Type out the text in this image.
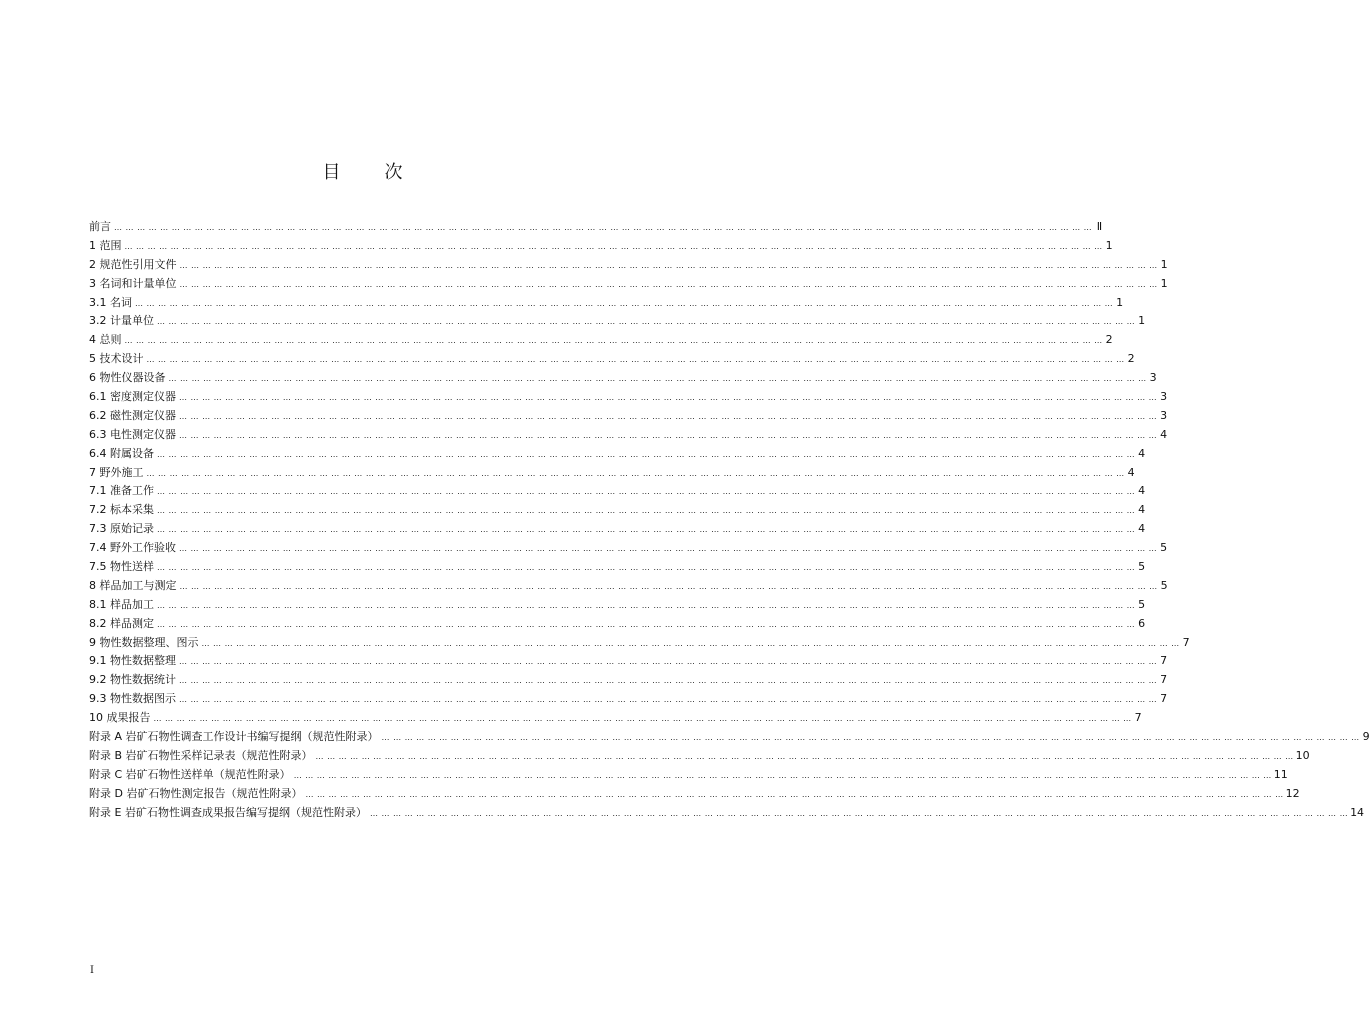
目 次
前言 … … … … … … … … … … … … … … … … … … … … … … … … … … … … … … … … … … … … … … … … … … … … … … … … … … … … … … … … … … … … … … … … … … … … … … … … … … … … … … … … … … … … … Ⅱ
1 范围 … … … … … … … … … … … … … … … … … … … … … … … … … … … … … … … … … … … … … … … … … … … … … … … … … … … … … … … … … … … … … … … … … … … … … … … … … … … … … … … … … … … … … 1
2 规范性引用文件 … … … … … … … … … … … … … … … … … … … … … … … … … … … … … … … … … … … … … … … … … … … … … … … … … … … … … … … … … … … … … … … … … … … … … … … … … … … … … … … … … … … … … 1
3 名词和计量单位 … … … … … … … … … … … … … … … … … … … … … … … … … … … … … … … … … … … … … … … … … … … … … … … … … … … … … … … … … … … … … … … … … … … … … … … … … … … … … … … … … … … … … 1
3.1 名词 … … … … … … … … … … … … … … … … … … … … … … … … … … … … … … … … … … … … … … … … … … … … … … … … … … … … … … … … … … … … … … … … … … … … … … … … … … … … … … … … … … … … … 1
3.2 计量单位 … … … … … … … … … … … … … … … … … … … … … … … … … … … … … … … … … … … … … … … … … … … … … … … … … … … … … … … … … … … … … … … … … … … … … … … … … … … … … … … … … … … … … 1
4 总则 … … … … … … … … … … … … … … … … … … … … … … … … … … … … … … … … … … … … … … … … … … … … … … … … … … … … … … … … … … … … … … … … … … … … … … … … … … … … … … … … … … … … … 2
5 技术设计 … … … … … … … … … … … … … … … … … … … … … … … … … … … … … … … … … … … … … … … … … … … … … … … … … … … … … … … … … … … … … … … … … … … … … … … … … … … … … … … … … … … … … 2
6 物性仪器设备 … … … … … … … … … … … … … … … … … … … … … … … … … … … … … … … … … … … … … … … … … … … … … … … … … … … … … … … … … … … … … … … … … … … … … … … … … … … … … … … … … … … … … 3
6.1 密度测定仪器 … … … … … … … … … … … … … … … … … … … … … … … … … … … … … … … … … … … … … … … … … … … … … … … … … … … … … … … … … … … … … … … … … … … … … … … … … … … … … … … … … … … … … 3
6.2 磁性测定仪器 … … … … … … … … … … … … … … … … … … … … … … … … … … … … … … … … … … … … … … … … … … … … … … … … … … … … … … … … … … … … … … … … … … … … … … … … … … … … … … … … … … … … … 3
6.3 电性测定仪器 … … … … … … … … … … … … … … … … … … … … … … … … … … … … … … … … … … … … … … … … … … … … … … … … … … … … … … … … … … … … … … … … … … … … … … … … … … … … … … … … … … … … … 4
6.4 附属设备 … … … … … … … … … … … … … … … … … … … … … … … … … … … … … … … … … … … … … … … … … … … … … … … … … … … … … … … … … … … … … … … … … … … … … … … … … … … … … … … … … … … … … 4
7 野外施工 … … … … … … … … … … … … … … … … … … … … … … … … … … … … … … … … … … … … … … … … … … … … … … … … … … … … … … … … … … … … … … … … … … … … … … … … … … … … … … … … … … … … … 4
7.1 准备工作 … … … … … … … … … … … … … … … … … … … … … … … … … … … … … … … … … … … … … … … … … … … … … … … … … … … … … … … … … … … … … … … … … … … … … … … … … … … … … … … … … … … … … 4
7.2 标本采集 … … … … … … … … … … … … … … … … … … … … … … … … … … … … … … … … … … … … … … … … … … … … … … … … … … … … … … … … … … … … … … … … … … … … … … … … … … … … … … … … … … … … … 4
7.3 原始记录 … … … … … … … … … … … … … … … … … … … … … … … … … … … … … … … … … … … … … … … … … … … … … … … … … … … … … … … … … … … … … … … … … … … … … … … … … … … … … … … … … … … … … 4
7.4 野外工作验收 … … … … … … … … … … … … … … … … … … … … … … … … … … … … … … … … … … … … … … … … … … … … … … … … … … … … … … … … … … … … … … … … … … … … … … … … … … … … … … … … … … … … … 5
7.5 物性送样 … … … … … … … … … … … … … … … … … … … … … … … … … … … … … … … … … … … … … … … … … … … … … … … … … … … … … … … … … … … … … … … … … … … … … … … … … … … … … … … … … … … … … 5
8 样品加工与测定 … … … … … … … … … … … … … … … … … … … … … … … … … … … … … … … … … … … … … … … … … … … … … … … … … … … … … … … … … … … … … … … … … … … … … … … … … … … … … … … … … … … … … 5
8.1 样品加工 … … … … … … … … … … … … … … … … … … … … … … … … … … … … … … … … … … … … … … … … … … … … … … … … … … … … … … … … … … … … … … … … … … … … … … … … … … … … … … … … … … … … … 5
8.2 样品测定 … … … … … … … … … … … … … … … … … … … … … … … … … … … … … … … … … … … … … … … … … … … … … … … … … … … … … … … … … … … … … … … … … … … … … … … … … … … … … … … … … … … … … 6
9 物性数据整理、图示 … … … … … … … … … … … … … … … … … … … … … … … … … … … … … … … … … … … … … … … … … … … … … … … … … … … … … … … … … … … … … … … … … … … … … … … … … … … … … … … … … … … … … 7
9.1 物性数据整理 … … … … … … … … … … … … … … … … … … … … … … … … … … … … … … … … … … … … … … … … … … … … … … … … … … … … … … … … … … … … … … … … … … … … … … … … … … … … … … … … … … … … … 7
9.2 物性数据统计 … … … … … … … … … … … … … … … … … … … … … … … … … … … … … … … … … … … … … … … … … … … … … … … … … … … … … … … … … … … … … … … … … … … … … … … … … … … … … … … … … … … … … 7
9.3 物性数据图示 … … … … … … … … … … … … … … … … … … … … … … … … … … … … … … … … … … … … … … … … … … … … … … … … … … … … … … … … … … … … … … … … … … … … … … … … … … … … … … … … … … … … … 7
10 成果报告 … … … … … … … … … … … … … … … … … … … … … … … … … … … … … … … … … … … … … … … … … … … … … … … … … … … … … … … … … … … … … … … … … … … … … … … … … … … … … … … … … … … … … 7
附录 A 岩矿石物性调查工作设计书编写提纲（规范性附录） … … … … … … … … … … … … … … … … … … … … … … … … … … … … … … … … … … … … … … … … … … … … … … … … … … … … … … … … … … … … … … … … … … … … … … … … … … … … … … … … … … … … … 9
附录 B 岩矿石物性采样记录表（规范性附录） … … … … … … … … … … … … … … … … … … … … … … … … … … … … … … … … … … … … … … … … … … … … … … … … … … … … … … … … … … … … … … … … … … … … … … … … … … … … … … … … … … … … … 10
附录 C 岩矿石物性送样单（规范性附录） … … … … … … … … … … … … … … … … … … … … … … … … … … … … … … … … … … … … … … … … … … … … … … … … … … … … … … … … … … … … … … … … … … … … … … … … … … … … … … … … … … … … … 11
附录 D 岩矿石物性测定报告（规范性附录） … … … … … … … … … … … … … … … … … … … … … … … … … … … … … … … … … … … … … … … … … … … … … … … … … … … … … … … … … … … … … … … … … … … … … … … … … … … … … … … … … … … … … 12
附录 E 岩矿石物性调查成果报告编写提纲（规范性附录） … … … … … … … … … … … … … … … … … … … … … … … … … … … … … … … … … … … … … … … … … … … … … … … … … … … … … … … … … … … … … … … … … … … … … … … … … … … … … … … … … … … … … 14
I
